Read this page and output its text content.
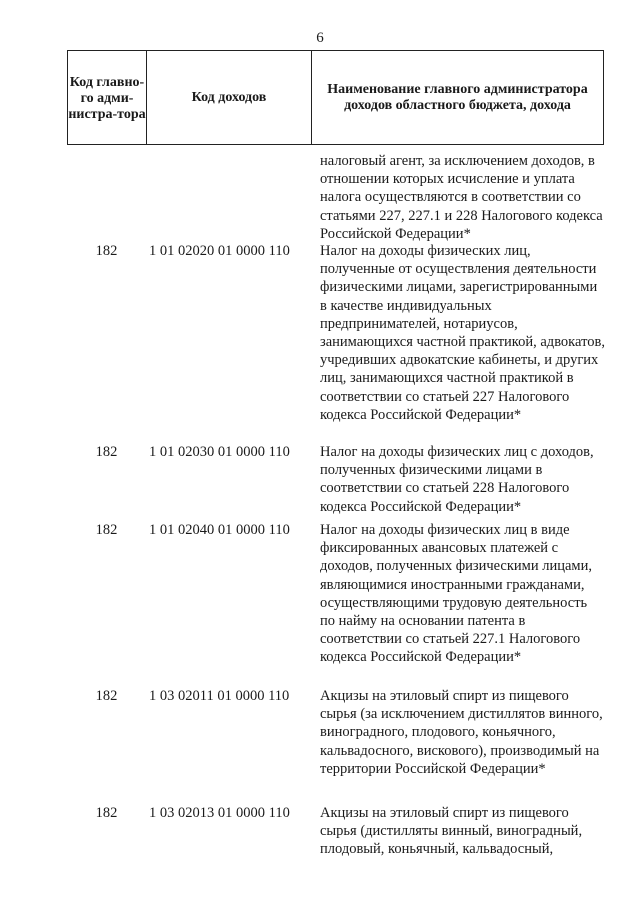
6
Код главно-го адми-нистра-тора
Код доходов
Наименование главного администратора доходов областного бюджета, дохода
налоговый агент, за исключением доходов, в отношении которых исчисление и уплата налога осуществляются в соответствии со статьями 227, 227.1 и 228 Налогового кодекса Российской Федерации*
182	1 01 02020 01 0000 110	Налог на доходы физических лиц, полученные от осуществления деятельности физическими лицами, зарегистрированными в качестве индивидуальных предпринимателей, нотариусов, занимающихся частной практикой, адвокатов, учредивших адвокатские кабинеты, и других лиц, занимающихся частной практикой в соответствии со статьей 227 Налогового кодекса Российской Федерации*
182	1 01 02030 01 0000 110	Налог на доходы физических лиц с доходов, полученных физическими лицами в соответствии со статьей 228 Налогового кодекса Российской Федерации*
182	1 01 02040 01 0000 110	Налог на доходы физических лиц в виде фиксированных авансовых платежей с доходов, полученных физическими лицами, являющимися иностранными гражданами, осуществляющими трудовую деятельность по найму на основании патента в соответствии со статьей 227.1 Налогового кодекса Российской Федерации*
182	1 03 02011 01 0000 110	Акцизы на этиловый спирт из пищевого сырья (за исключением дистиллятов винного, виноградного, плодового, коньячного, кальвадосного, вискового), производимый на территории Российской Федерации*
182	1 03 02013 01 0000 110	Акцизы на этиловый спирт из пищевого сырья (дистилляты винный, виноградный, плодовый, коньячный, кальвадосный,
